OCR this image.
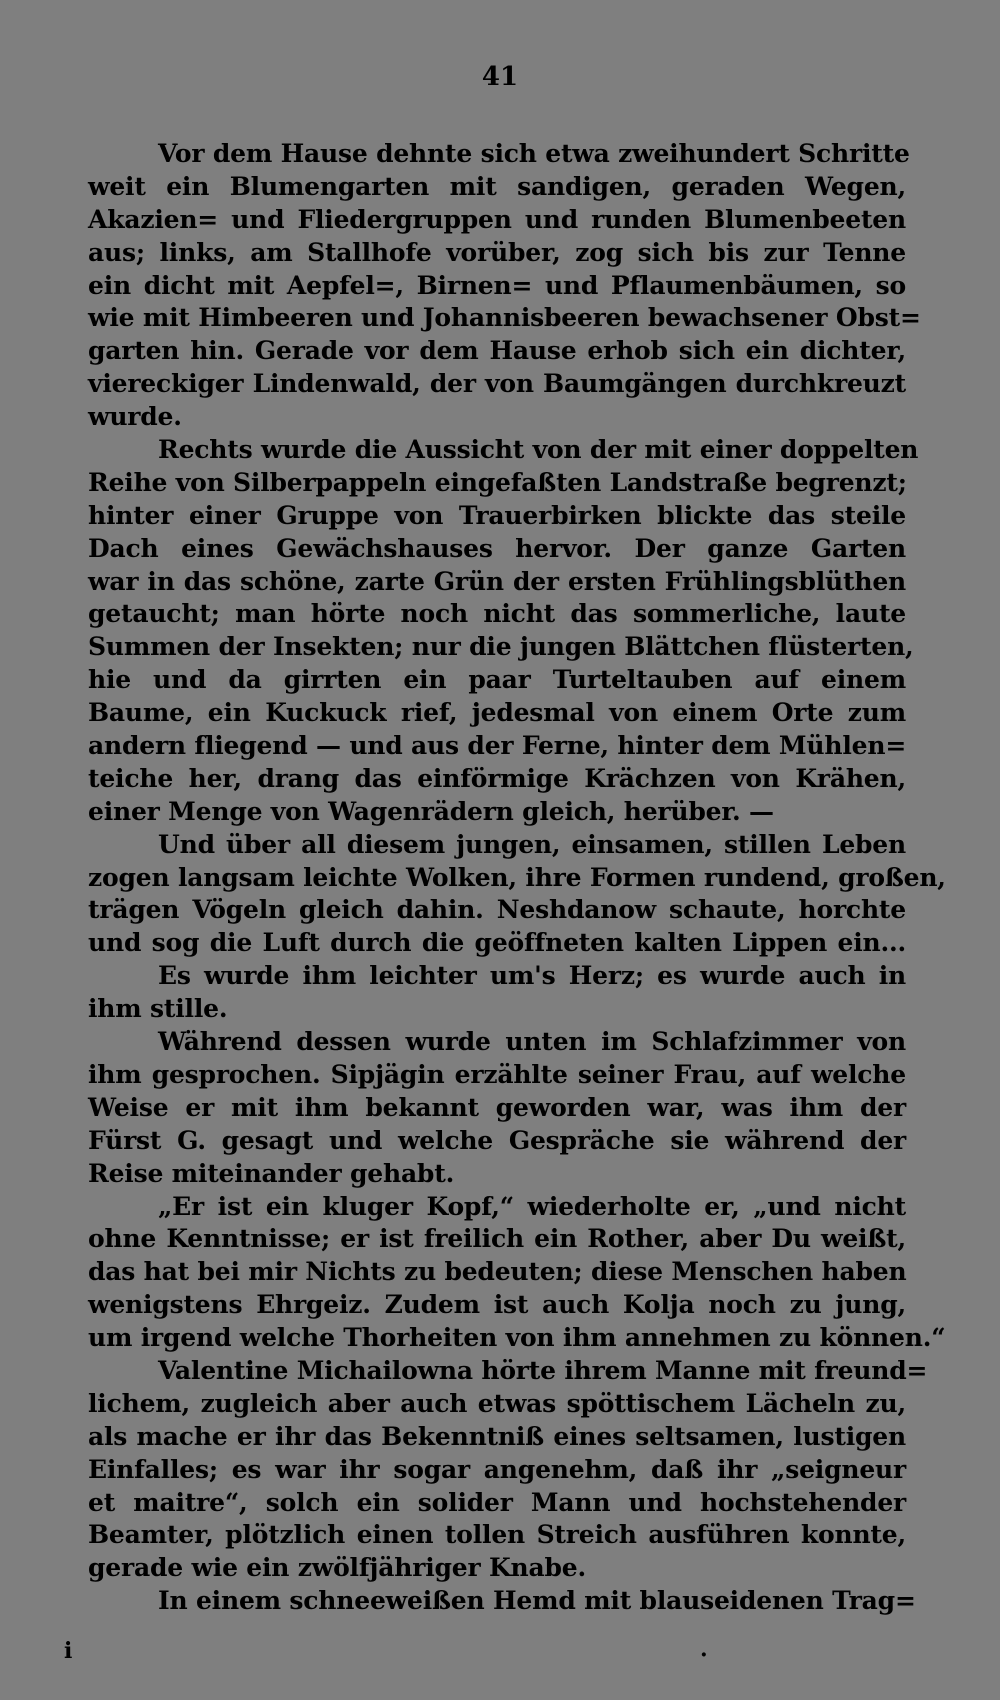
41
Vor dem Hause dehnte sich etwa zweihundert Schritte
weit ein Blumengarten mit sandigen, geraden Wegen,
Akazien= und Fliedergruppen und runden Blumenbeeten
aus; links, am Stallhofe vorüber, zog sich bis zur Tenne
ein dicht mit Aepfel=, Birnen= und Pflaumenbäumen, so
wie mit Himbeeren und Johannisbeeren bewachsener Obst=
garten hin. Gerade vor dem Hause erhob sich ein dichter,
viereckiger Lindenwald, der von Baumgängen durchkreuzt
wurde.
Rechts wurde die Aussicht von der mit einer doppelten
Reihe von Silberpappeln eingefaßten Landstraße begrenzt;
hinter einer Gruppe von Trauerbirken blickte das steile
Dach eines Gewächshauses hervor. Der ganze Garten
war in das schöne, zarte Grün der ersten Frühlingsblüthen
getaucht; man hörte noch nicht das sommerliche, laute
Summen der Insekten; nur die jungen Blättchen flüsterten,
hie und da girrten ein paar Turteltauben auf einem
Baume, ein Kuckuck rief, jedesmal von einem Orte zum
andern fliegend — und aus der Ferne, hinter dem Mühlen=
teiche her, drang das einförmige Krächzen von Krähen,
einer Menge von Wagenrädern gleich, herüber. —
Und über all diesem jungen, einsamen, stillen Leben
zogen langsam leichte Wolken, ihre Formen rundend, großen,
trägen Vögeln gleich dahin. Neshdanow schaute, horchte
und sog die Luft durch die geöffneten kalten Lippen ein...
Es wurde ihm leichter um's Herz; es wurde auch in
ihm stille.
Während dessen wurde unten im Schlafzimmer von
ihm gesprochen. Sipjägin erzählte seiner Frau, auf welche
Weise er mit ihm bekannt geworden war, was ihm der
Fürst G. gesagt und welche Gespräche sie während der
Reise miteinander gehabt.
„Er ist ein kluger Kopf,“ wiederholte er, „und nicht
ohne Kenntnisse; er ist freilich ein Rother, aber Du weißt,
das hat bei mir Nichts zu bedeuten; diese Menschen haben
wenigstens Ehrgeiz. Zudem ist auch Kolja noch zu jung,
um irgend welche Thorheiten von ihm annehmen zu können.“
Valentine Michailowna hörte ihrem Manne mit freund=
lichem, zugleich aber auch etwas spöttischem Lächeln zu,
als mache er ihr das Bekenntniß eines seltsamen, lustigen
Einfalles; es war ihr sogar angenehm, daß ihr „seigneur
et maitre“, solch ein solider Mann und hochstehender
Beamter, plötzlich einen tollen Streich ausführen konnte,
gerade wie ein zwölfjähriger Knabe.
In einem schneeweißen Hemd mit blauseidenen Trag=
ⅰ	·
